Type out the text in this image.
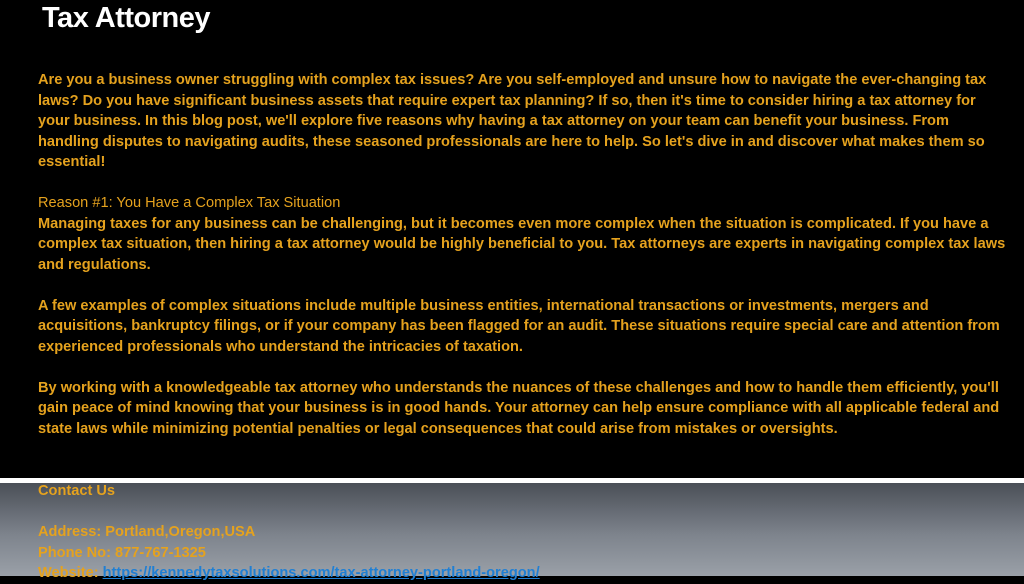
Tax Attorney

Are you a business owner struggling with complex tax issues? Are you self-employed and unsure how to navigate the ever-changing tax laws? Do you have significant business assets that require expert tax planning? If so, then it's time to consider hiring a tax attorney for your business. In this blog post, we'll explore five reasons why having a tax attorney on your team can benefit your business. From handling disputes to navigating audits, these seasoned professionals are here to help. So let's dive in and discover what makes them so essential!

Reason #1: You Have a Complex Tax Situation

Managing taxes for any business can be challenging, but it becomes even more complex when the situation is complicated. If you have a complex tax situation, then hiring a tax attorney would be highly beneficial to you. Tax attorneys are experts in navigating complex tax laws and regulations.

A few examples of complex situations include multiple business entities, international transactions or investments, mergers and acquisitions, bankruptcy filings, or if your company has been flagged for an audit. These situations require special care and attention from experienced professionals who understand the intricacies of taxation.

By working with a knowledgeable tax attorney who understands the nuances of these challenges and how to handle them efficiently, you'll gain peace of mind knowing that your business is in good hands. Your attorney can help ensure compliance with all applicable federal and state laws while minimizing potential penalties or legal consequences that could arise from mistakes or oversights.

Contact Us

Address: Portland,Oregon,USA

Phone No: 877-767-1325

Website: https://kennedytaxsolutions.com/tax-attorney-portland-oregon/
